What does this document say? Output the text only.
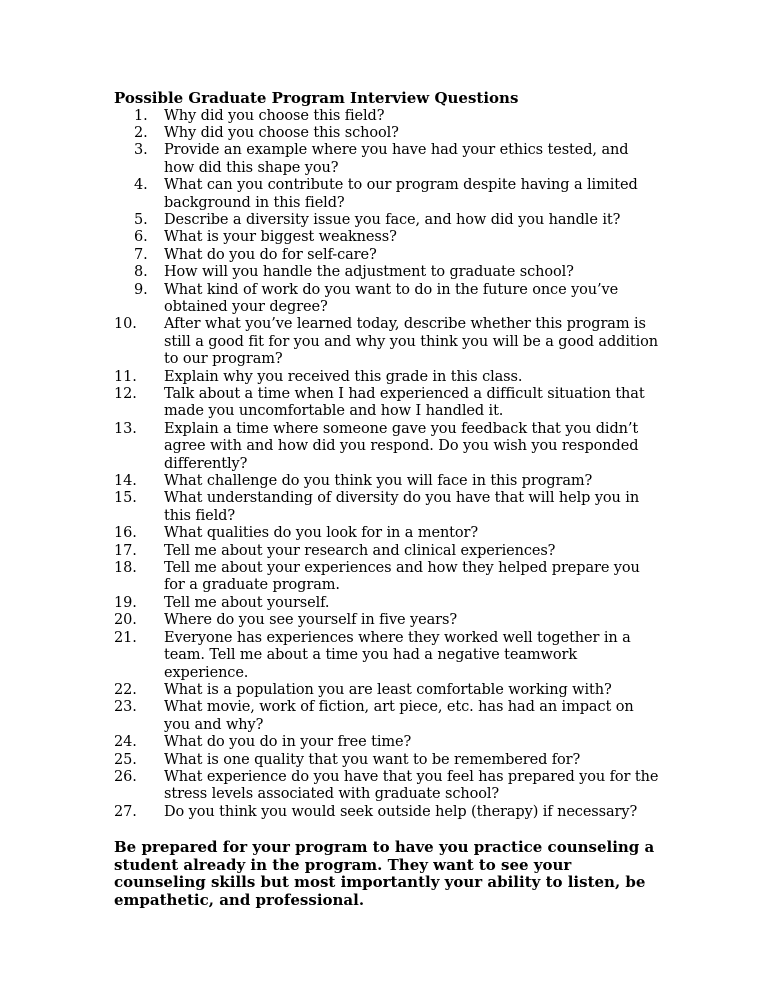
Possible Graduate Program Interview Questions

1.	Why did you choose this field?
2.	Why did you choose this school?
3.	Provide an example where you have had your ethics tested, and how did this shape you?
4.	What can you contribute to our program despite having a limited background in this field?
5.	Describe a diversity issue you face, and how did you handle it?
6.	What is your biggest weakness?
7.	What do you do for self-care?
8.	How will you handle the adjustment to graduate school?
9.	What kind of work do you want to do in the future once you’ve obtained your degree?
10.	After what you’ve learned today, describe whether this program is still a good fit for you and why you think you will be a good addition to our program?
11.	Explain why you received this grade in this class.
12.	Talk about a time when I had experienced a difficult situation that made you uncomfortable and how I handled it.
13.	Explain a time where someone gave you feedback that you didn’t agree with and how did you respond. Do you wish you responded differently?
14.	What challenge do you think you will face in this program?
15.	What understanding of diversity do you have that will help you in this field?
16.	What qualities do you look for in a mentor?
17.	Tell me about your research and clinical experiences?
18.	Tell me about your experiences and how they helped prepare you for a graduate program.
19.	Tell me about yourself.
20.	Where do you see yourself in five years?
21.	Everyone has experiences where they worked well together in a team. Tell me about a time you had a negative teamwork experience.
22.	What is a population you are least comfortable working with?
23.	What movie, work of fiction, art piece, etc. has had an impact on you and why?
24.	What do you do in your free time?
25.	What is one quality that you want to be remembered for?
26.	What experience do you have that you feel has prepared you for the stress levels associated with graduate school?
27.	Do you think you would seek outside help (therapy) if necessary?

Be prepared for your program to have you practice counseling a student already in the program. They want to see your counseling skills but most importantly your ability to listen, be empathetic, and professional.
